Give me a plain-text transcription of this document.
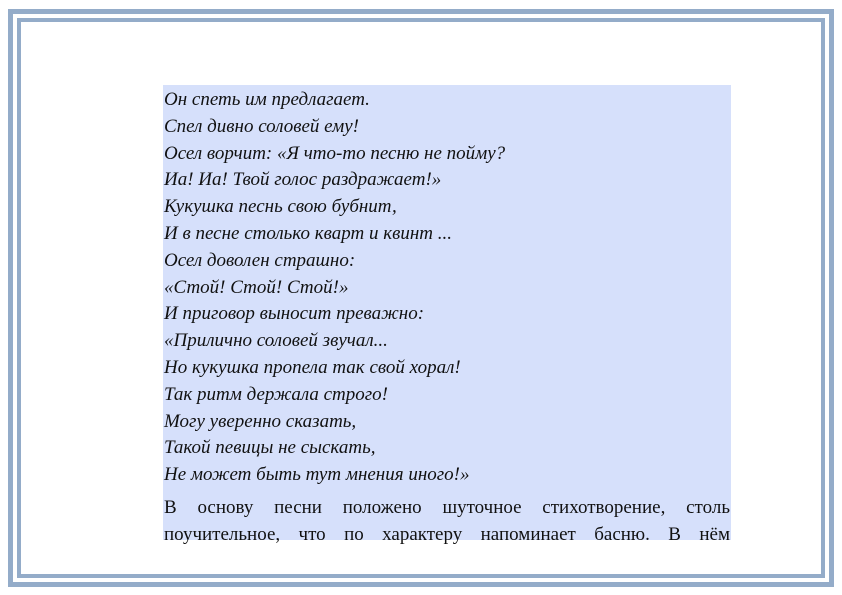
Он спеть им предлагает.
Спел дивно соловей ему!
Осел ворчит: «Я что-то песню не пойму?
Иа! Иа! Твой голос раздражает!»
Кукушка песнь свою бубнит,
И в песне столько кварт и квинт ...
Осел доволен страшно:
«Стой! Стой! Стой!»
И приговор выносит преважно:
«Прилично соловей звучал...
Но кукушка пропела так свой хорал!
Так ритм держала строго!
Могу уверенно сказать,
Такой певицы не сыскать,
Не может быть тут мнения иного!»
В основу песни положено шуточное стихотворение, столь
поучительное, что по характеру напоминает басню. В нём
